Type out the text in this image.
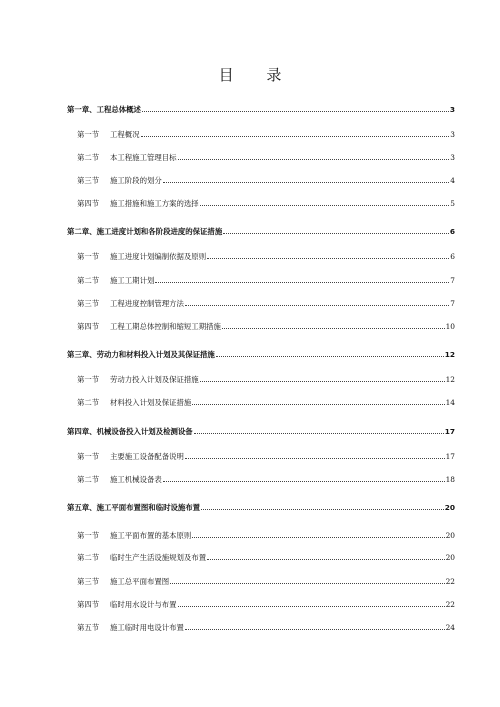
目 录
第一章、工程总体概述	3
第一节	工程概况	3
第二节	本工程施工管理目标	3
第三节	施工阶段的划分	4
第四节	施工措施和施工方案的选择	5
第二章、施工进度计划和各阶段进度的保证措施	6
第一节	施工进度计划编制依据及原则	6
第二节	施工工期计划	7
第三节	工程进度控制管理方法	7
第四节	工程工期总体控制和缩短工期措施	10
第三章、劳动力和材料投入计划及其保证措施	12
第一节	劳动力投入计划及保证措施	12
第二节	材料投入计划及保证措施	14
第四章、机械设备投入计划及检测设备	17
第一节	主要施工设备配备说明	17
第二节	施工机械设备表	18
第五章、施工平面布置图和临时设施布置	20
第一节	施工平面布置的基本原则	20
第二节	临时生产生活设施规划及布置	20
第三节	施工总平面布置图	22
第四节	临时用水设计与布置	22
第五节	施工临时用电设计布置	24
